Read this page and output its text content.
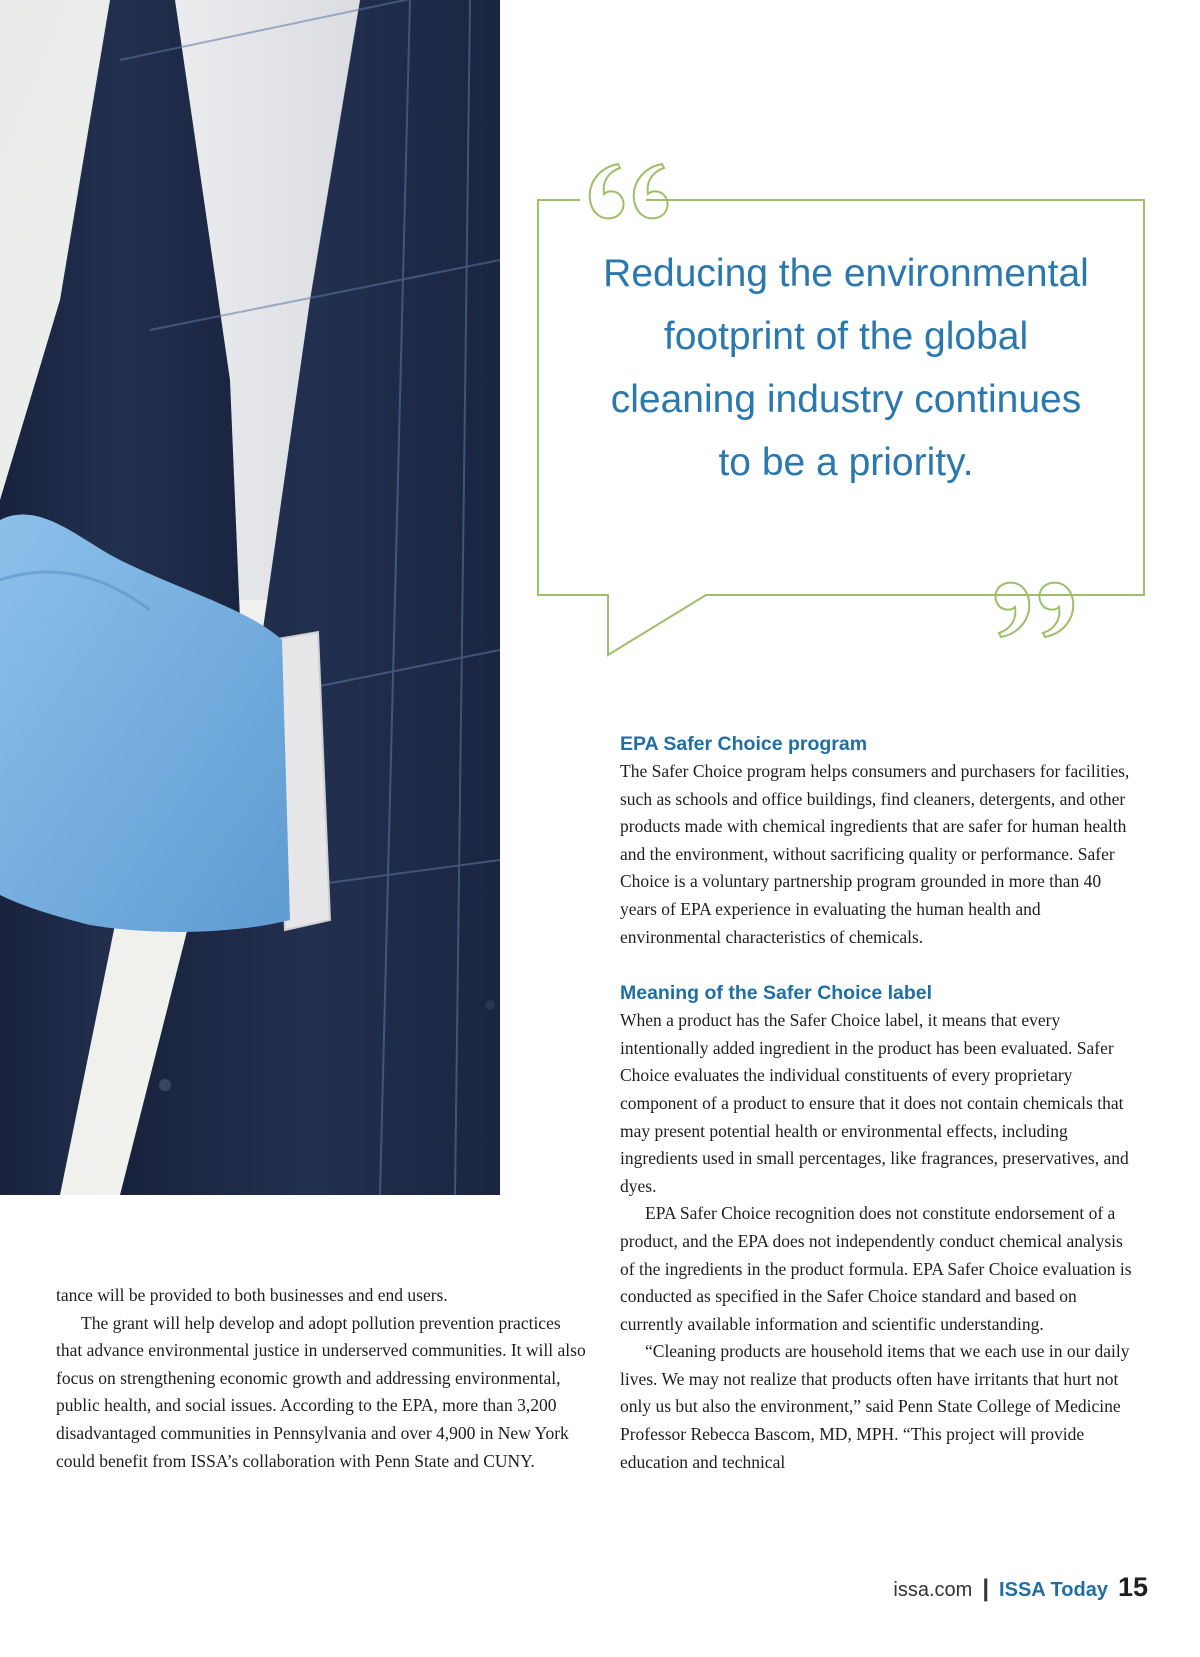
Reducing the environmental footprint of the global cleaning industry continues to be a priority.
EPA Safer Choice program

The Safer Choice program helps consumers and purchasers for facilities, such as schools and office buildings, find cleaners, detergents, and other products made with chemical ingredients that are safer for human health and the environment, without sacrificing quality or performance. Safer Choice is a voluntary partnership program grounded in more than 40 years of EPA experience in evaluating the human health and environmental characteristics of chemicals.

Meaning of the Safer Choice label

When a product has the Safer Choice label, it means that every intentionally added ingredient in the product has been evaluated. Safer Choice evaluates the individual constituents of every proprietary component of a product to ensure that it does not contain chemicals that may present potential health or environmental effects, including ingredients used in small percentages, like fragrances, preservatives, and dyes.

EPA Safer Choice recognition does not constitute endorsement of a product, and the EPA does not independently conduct chemical analysis of the ingredients in the product formula. EPA Safer Choice evaluation is conducted as specified in the Safer Choice standard and based on currently available information and scientific understanding.

“Cleaning products are household items that we each use in our daily lives. We may not realize that products often have irritants that hurt not only us but also the environment,” said Penn State College of Medicine Professor Rebecca Bascom, MD, MPH. “This project will provide education and technical

tance will be provided to both businesses and end users.

The grant will help develop and adopt pollution prevention practices that advance environmental justice in underserved communities. It will also focus on strengthening economic growth and addressing environmental, public health, and social issues. According to the EPA, more than 3,200 disadvantaged communities in Pennsylvania and over 4,900 in New York could benefit from ISSA’s collaboration with Penn State and CUNY.

issa.com | ISSA Today 15
